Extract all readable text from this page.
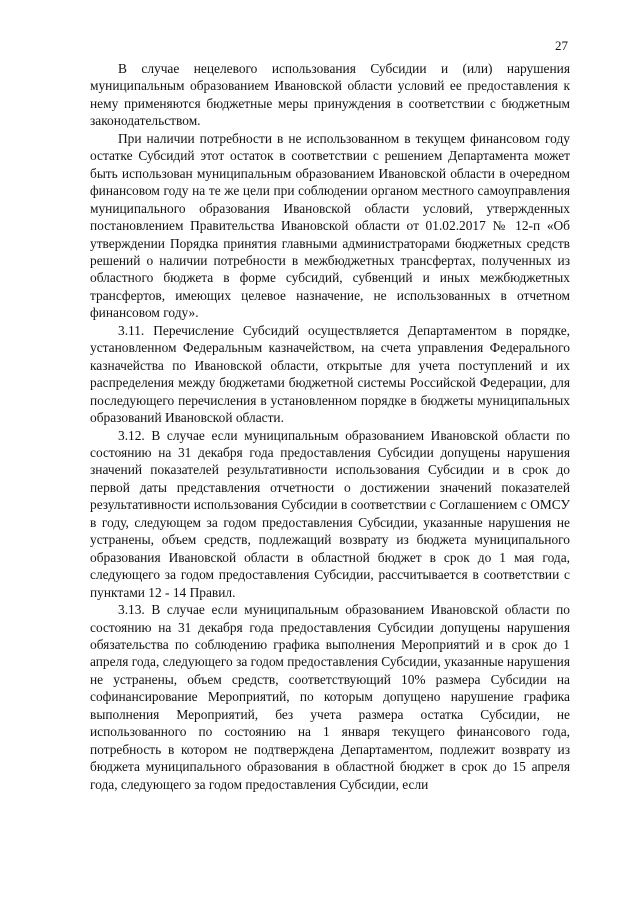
27

В случае нецелевого использования Субсидии и (или) нарушения муниципальным образованием Ивановской области условий ее предоставления к нему применяются бюджетные меры принуждения в соответствии с бюджетным законодательством.

При наличии потребности в не использованном в текущем финансовом году остатке Субсидий этот остаток в соответствии с решением Департамента может быть использован муниципальным образованием Ивановской области в очередном финансовом году на те же цели при соблюдении органом местного самоуправления муниципального образования Ивановской области условий, утвержденных постановлением Правительства Ивановской области от 01.02.2017 № 12-п «Об утверждении Порядка принятия главными администраторами бюджетных средств решений о наличии потребности в межбюджетных трансфертах, полученных из областного бюджета в форме субсидий, субвенций и иных межбюджетных трансфертов, имеющих целевое назначение, не использованных в отчетном финансовом году».

3.11. Перечисление Субсидий осуществляется Департаментом в порядке, установленном Федеральным казначейством, на счета управления Федерального казначейства по Ивановской области, открытые для учета поступлений и их распределения между бюджетами бюджетной системы Российской Федерации, для последующего перечисления в установленном порядке в бюджеты муниципальных образований Ивановской области.

3.12. В случае если муниципальным образованием Ивановской области по состоянию на 31 декабря года предоставления Субсидии допущены нарушения значений показателей результативности использования Субсидии и в срок до первой даты представления отчетности о достижении значений показателей результативности использования Субсидии в соответствии с Соглашением с ОМСУ в году, следующем за годом предоставления Субсидии, указанные нарушения не устранены, объем средств, подлежащий возврату из бюджета муниципального образования Ивановской области в областной бюджет в срок до 1 мая года, следующего за годом предоставления Субсидии, рассчитывается в соответствии с пунктами 12 - 14 Правил.

3.13. В случае если муниципальным образованием Ивановской области по состоянию на 31 декабря года предоставления Субсидии допущены нарушения обязательства по соблюдению графика выполнения Мероприятий и в срок до 1 апреля года, следующего за годом предоставления Субсидии, указанные нарушения не устранены, объем средств, соответствующий 10% размера Субсидии на софинансирование Мероприятий, по которым допущено нарушение графика выполнения Мероприятий, без учета размера остатка Субсидии, не использованного по состоянию на 1 января текущего финансового года, потребность в котором не подтверждена Департаментом, подлежит возврату из бюджета муниципального образования в областной бюджет в срок до 15 апреля года, следующего за годом предоставления Субсидии, если
